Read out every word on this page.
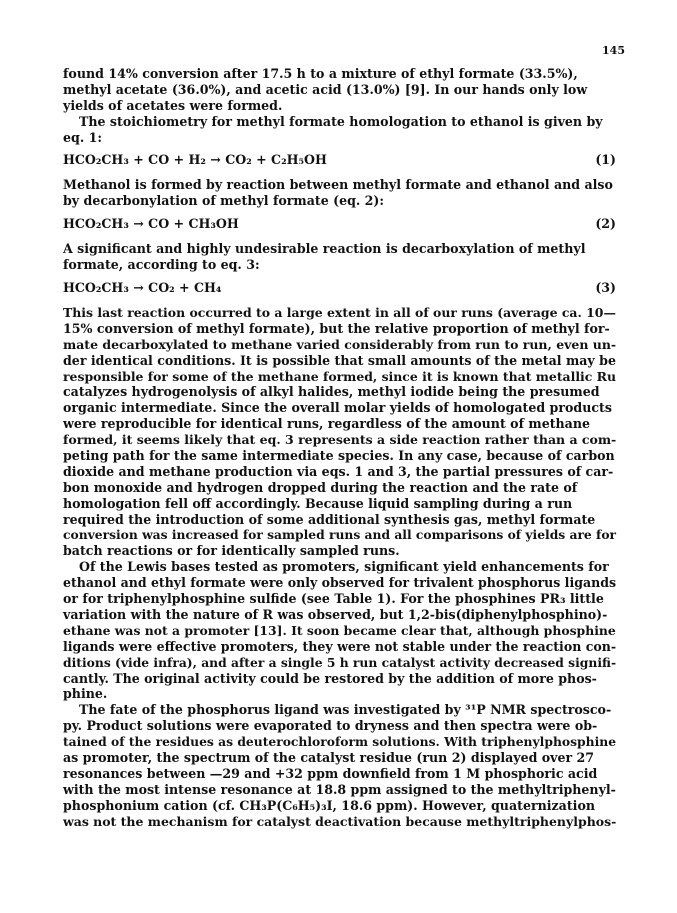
145
found 14% conversion after 17.5 h to a mixture of ethyl formate (33.5%),
methyl acetate (36.0%), and acetic acid (13.0%) [9]. In our hands only low
yields of acetates were formed.
The stoichiometry for methyl formate homologation to ethanol is given by
eq. 1:
HCO₂CH₃ + CO + H₂ → CO₂ + C₂H₅OH	(1)
Methanol is formed by reaction between methyl formate and ethanol and also
by decarbonylation of methyl formate (eq. 2):
HCO₂CH₃ → CO + CH₃OH	(2)
A significant and highly undesirable reaction is decarboxylation of methyl
formate, according to eq. 3:
HCO₂CH₃ → CO₂ + CH₄	(3)
This last reaction occurred to a large extent in all of our runs (average ca. 10—
15% conversion of methyl formate), but the relative proportion of methyl for-
mate decarboxylated to methane varied considerably from run to run, even un-
der identical conditions. It is possible that small amounts of the metal may be
responsible for some of the methane formed, since it is known that metallic Ru
catalyzes hydrogenolysis of alkyl halides, methyl iodide being the presumed
organic intermediate. Since the overall molar yields of homologated products
were reproducible for identical runs, regardless of the amount of methane
formed, it seems likely that eq. 3 represents a side reaction rather than a com-
peting path for the same intermediate species. In any case, because of carbon
dioxide and methane production via eqs. 1 and 3, the partial pressures of car-
bon monoxide and hydrogen dropped during the reaction and the rate of
homologation fell off accordingly. Because liquid sampling during a run
required the introduction of some additional synthesis gas, methyl formate
conversion was increased for sampled runs and all comparisons of yields are for
batch reactions or for identically sampled runs.
Of the Lewis bases tested as promoters, significant yield enhancements for
ethanol and ethyl formate were only observed for trivalent phosphorus ligands
or for triphenylphosphine sulfide (see Table 1). For the phosphines PR₃ little
variation with the nature of R was observed, but 1,2-bis(diphenylphosphino)-
ethane was not a promoter [13]. It soon became clear that, although phosphine
ligands were effective promoters, they were not stable under the reaction con-
ditions (vide infra), and after a single 5 h run catalyst activity decreased signifi-
cantly. The original activity could be restored by the addition of more phos-
phine.
The fate of the phosphorus ligand was investigated by ³¹P NMR spectrosco-
py. Product solutions were evaporated to dryness and then spectra were ob-
tained of the residues as deuterochloroform solutions. With triphenylphosphine
as promoter, the spectrum of the catalyst residue (run 2) displayed over 27
resonances between —29 and +32 ppm downfield from 1 M phosphoric acid
with the most intense resonance at 18.8 ppm assigned to the methyltriphenyl-
phosphonium cation (cf. CH₃P(C₆H₅)₃I, 18.6 ppm). However, quaternization
was not the mechanism for catalyst deactivation because methyltriphenylphos-
